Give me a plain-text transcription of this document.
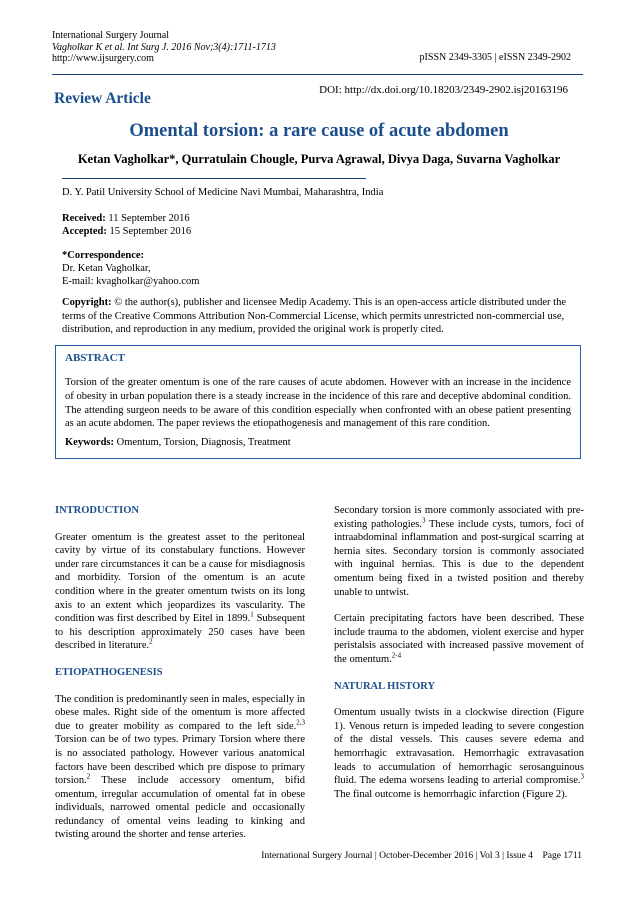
International Surgery Journal
Vagholkar K et al. Int Surg J. 2016 Nov;3(4):1711-1713
http://www.ijsurgery.com	pISSN 2349-3305 | eISSN 2349-2902
DOI: http://dx.doi.org/10.18203/2349-2902.isj20163196
Review Article
Omental torsion: a rare cause of acute abdomen
Ketan Vagholkar*, Qurratulain Chougle, Purva Agrawal, Divya Daga, Suvarna Vagholkar
D. Y. Patil University School of Medicine Navi Mumbai, Maharashtra, India
Received: 11 September 2016
Accepted: 15 September 2016
*Correspondence:
Dr. Ketan Vagholkar,
E-mail: kvagholkar@yahoo.com
Copyright: © the author(s), publisher and licensee Medip Academy. This is an open-access article distributed under the terms of the Creative Commons Attribution Non-Commercial License, which permits unrestricted non-commercial use, distribution, and reproduction in any medium, provided the original work is properly cited.
ABSTRACT
Torsion of the greater omentum is one of the rare causes of acute abdomen. However with an increase in the incidence of obesity in urban population there is a steady increase in the incidence of this rare and deceptive abdominal condition. The attending surgeon needs to be aware of this condition especially when confronted with an obese patient presenting as an acute abdomen. The paper reviews the etiopathogenesis and management of this rare condition.
Keywords: Omentum, Torsion, Diagnosis, Treatment
INTRODUCTION

Greater omentum is the greatest asset to the peritoneal cavity by virtue of its constabulary functions. However under rare circumstances it can be a cause for misdiagnosis and morbidity. Torsion of the omentum is an acute condition where in the greater omentum twists on its long axis to an extent which jeopardizes its vascularity. The condition was first described by Eitel in 1899.$^1$ Subsequent to his description approximately 250 cases have been described in literature.$^2$

ETIOPATHOGENESIS

The condition is predominantly seen in males, especially in obese males. Right side of the omentum is more affected due to greater mobility as compared to the left side.$^{2,3}$ Torsion can be of two types. Primary Torsion where there is no associated pathology. However various anatomical factors have been described which pre dispose to primary torsion.$^2$ These include accessory omentum, bifid omentum, irregular accumulation of omental fat in obese individuals, narrowed omental pedicle and occasionally redundancy of omental veins leading to kinking and twisting around the shorter and tense arteries.

Secondary torsion is more commonly associated with pre-existing pathologies.$^3$ These include cysts, tumors, foci of intraabdominal inflammation and post-surgical scarring at hernia sites. Secondary torsion is commonly associated with inguinal hernias. This is due to the dependent omentum being fixed in a twisted position and thereby unable to untwist.

Certain precipitating factors have been described. These include trauma to the abdomen, violent exercise and hyper peristalsis associated with increased passive movement of the omentum.$^{2-4}$

NATURAL HISTORY

Omentum usually twists in a clockwise direction (Figure 1). Venous return is impeded leading to severe congestion of the distal vessels. This causes severe edema and hemorrhagic extravasation. Hemorrhagic extravasation leads to accumulation of hemorrhagic serosanguinous fluid. The edema worsens leading to arterial compromise.$^3$ The final outcome is hemorrhagic infarction (Figure 2).

International Surgery Journal | October-December 2016 | Vol 3 | Issue 4    Page 1711
